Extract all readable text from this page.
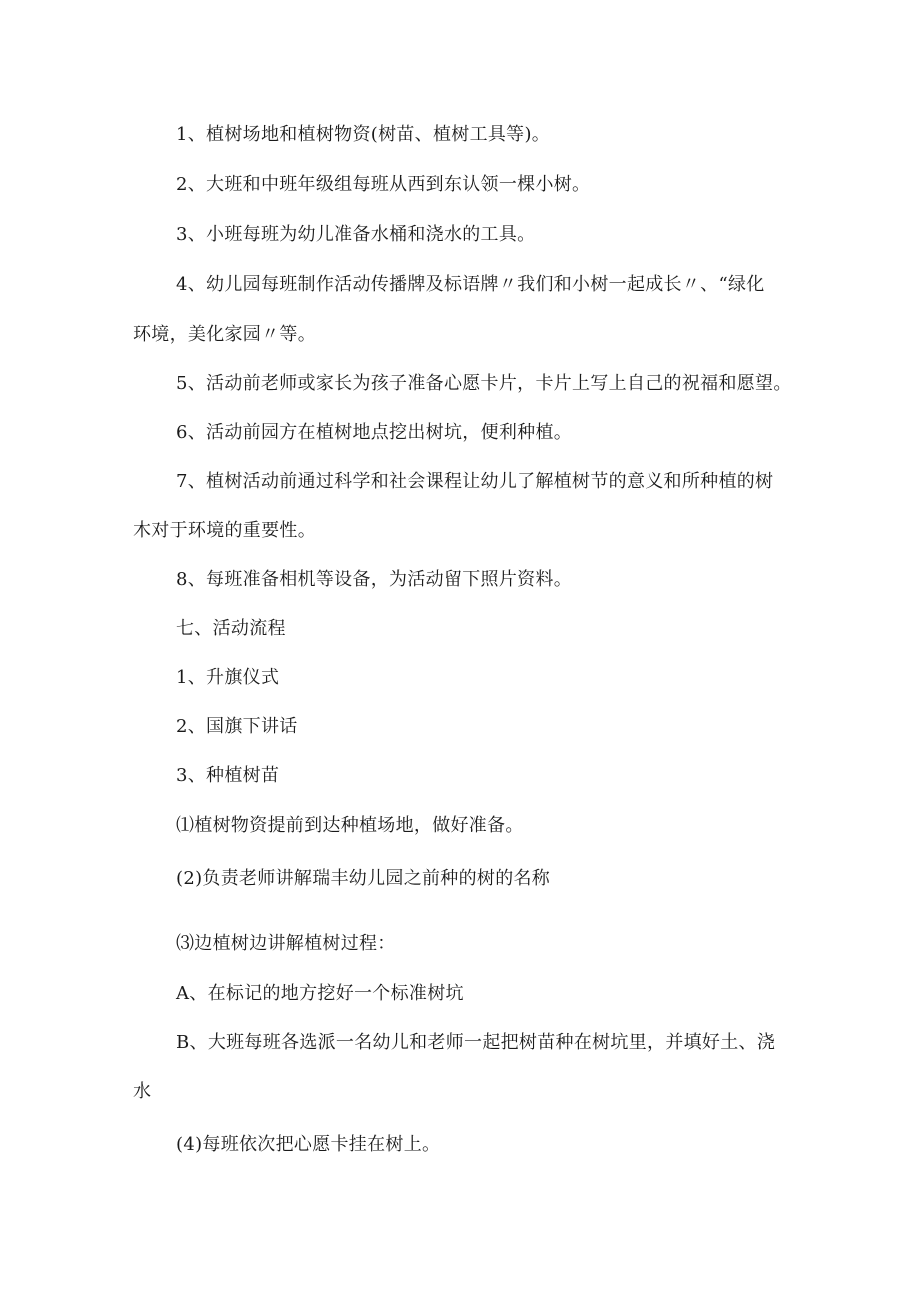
1、植树场地和植树物资(树苗、植树工具等)。
2、大班和中班年级组每班从西到东认领一棵小树。
3、小班每班为幼儿准备水桶和浇水的工具。
4、幼儿园每班制作活动传播牌及标语牌〃我们和小树一起成长〃、“绿化
环境，美化家园〃等。
5、活动前老师或家长为孩子准备心愿卡片，卡片上写上自己的祝福和愿望。
6、活动前园方在植树地点挖出树坑，便利种植。
7、植树活动前通过科学和社会课程让幼儿了解植树节的意义和所种植的树
木对于环境的重要性。
8、每班准备相机等设备，为活动留下照片资料。
七、活动流程
1、升旗仪式
2、国旗下讲话
3、种植树苗
⑴植树物资提前到达种植场地，做好准备。
(2)负责老师讲解瑞丰幼儿园之前种的树的名称
⑶边植树边讲解植树过程：
A、在标记的地方挖好一个标准树坑
B、大班每班各选派一名幼儿和老师一起把树苗种在树坑里，并填好土、浇
水
(4)每班依次把心愿卡挂在树上。
